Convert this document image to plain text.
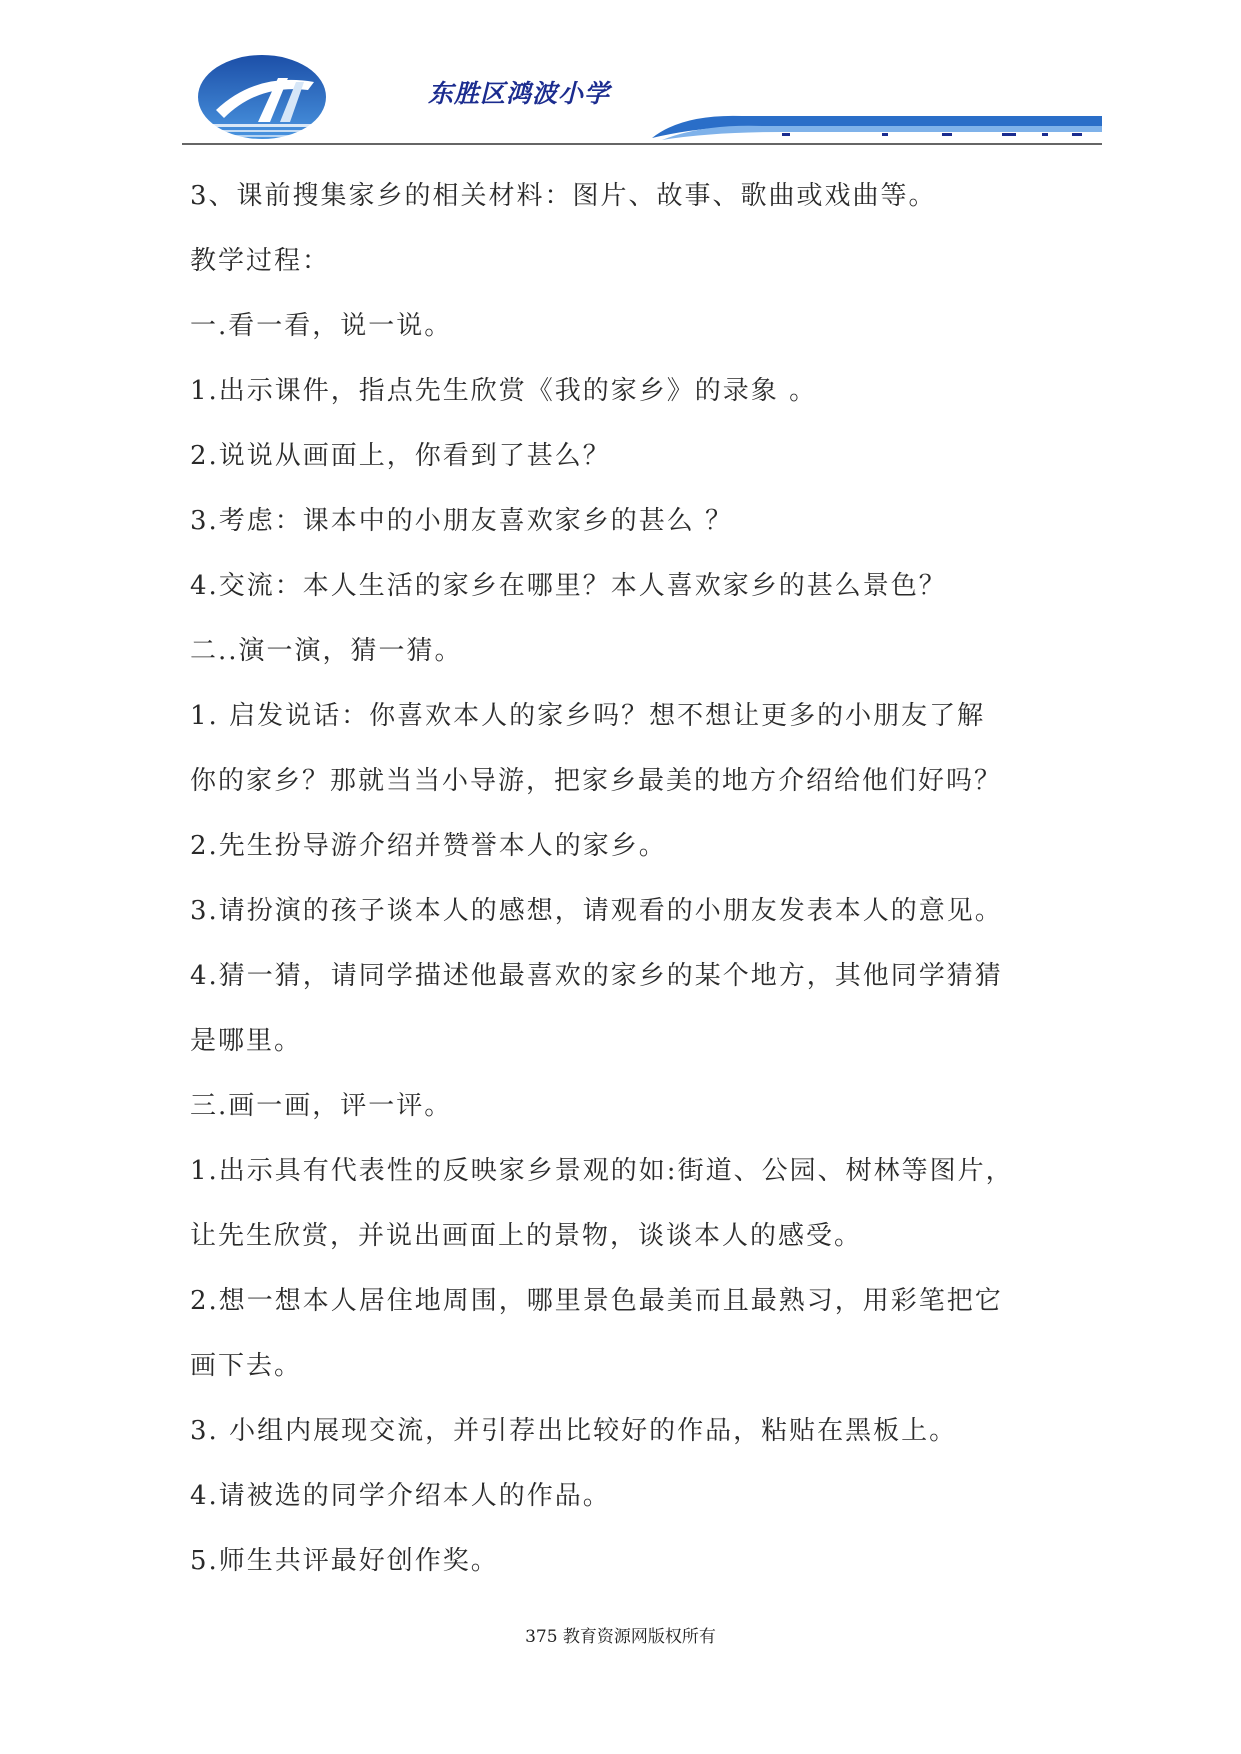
东胜区鸿波小学
3、课前搜集家乡的相关材料：图片、故事、歌曲或戏曲等。
教学过程：
一.看一看，说一说。
1.出示课件，指点先生欣赏《我的家乡》的录象 。
2.说说从画面上，你看到了甚么？
3.考虑：课本中的小朋友喜欢家乡的甚么 ？
4.交流：本人生活的家乡在哪里？本人喜欢家乡的甚么景色？
二..演一演，猜一猜。
1. 启发说话：你喜欢本人的家乡吗？想不想让更多的小朋友了解
你的家乡？那就当当小导游，把家乡最美的地方介绍给他们好吗？
2.先生扮导游介绍并赞誉本人的家乡。
3.请扮演的孩子谈本人的感想，请观看的小朋友发表本人的意见。
4.猜一猜，请同学描述他最喜欢的家乡的某个地方，其他同学猜猜
是哪里。
三.画一画，评一评。
1.出示具有代表性的反映家乡景观的如:街道、公园、树林等图片，
让先生欣赏，并说出画面上的景物，谈谈本人的感受。
2.想一想本人居住地周围，哪里景色最美而且最熟习，用彩笔把它
画下去。
3. 小组内展现交流，并引荐出比较好的作品，粘贴在黑板上。
4.请被选的同学介绍本人的作品。
5.师生共评最好创作奖。
375 教育资源网版权所有
